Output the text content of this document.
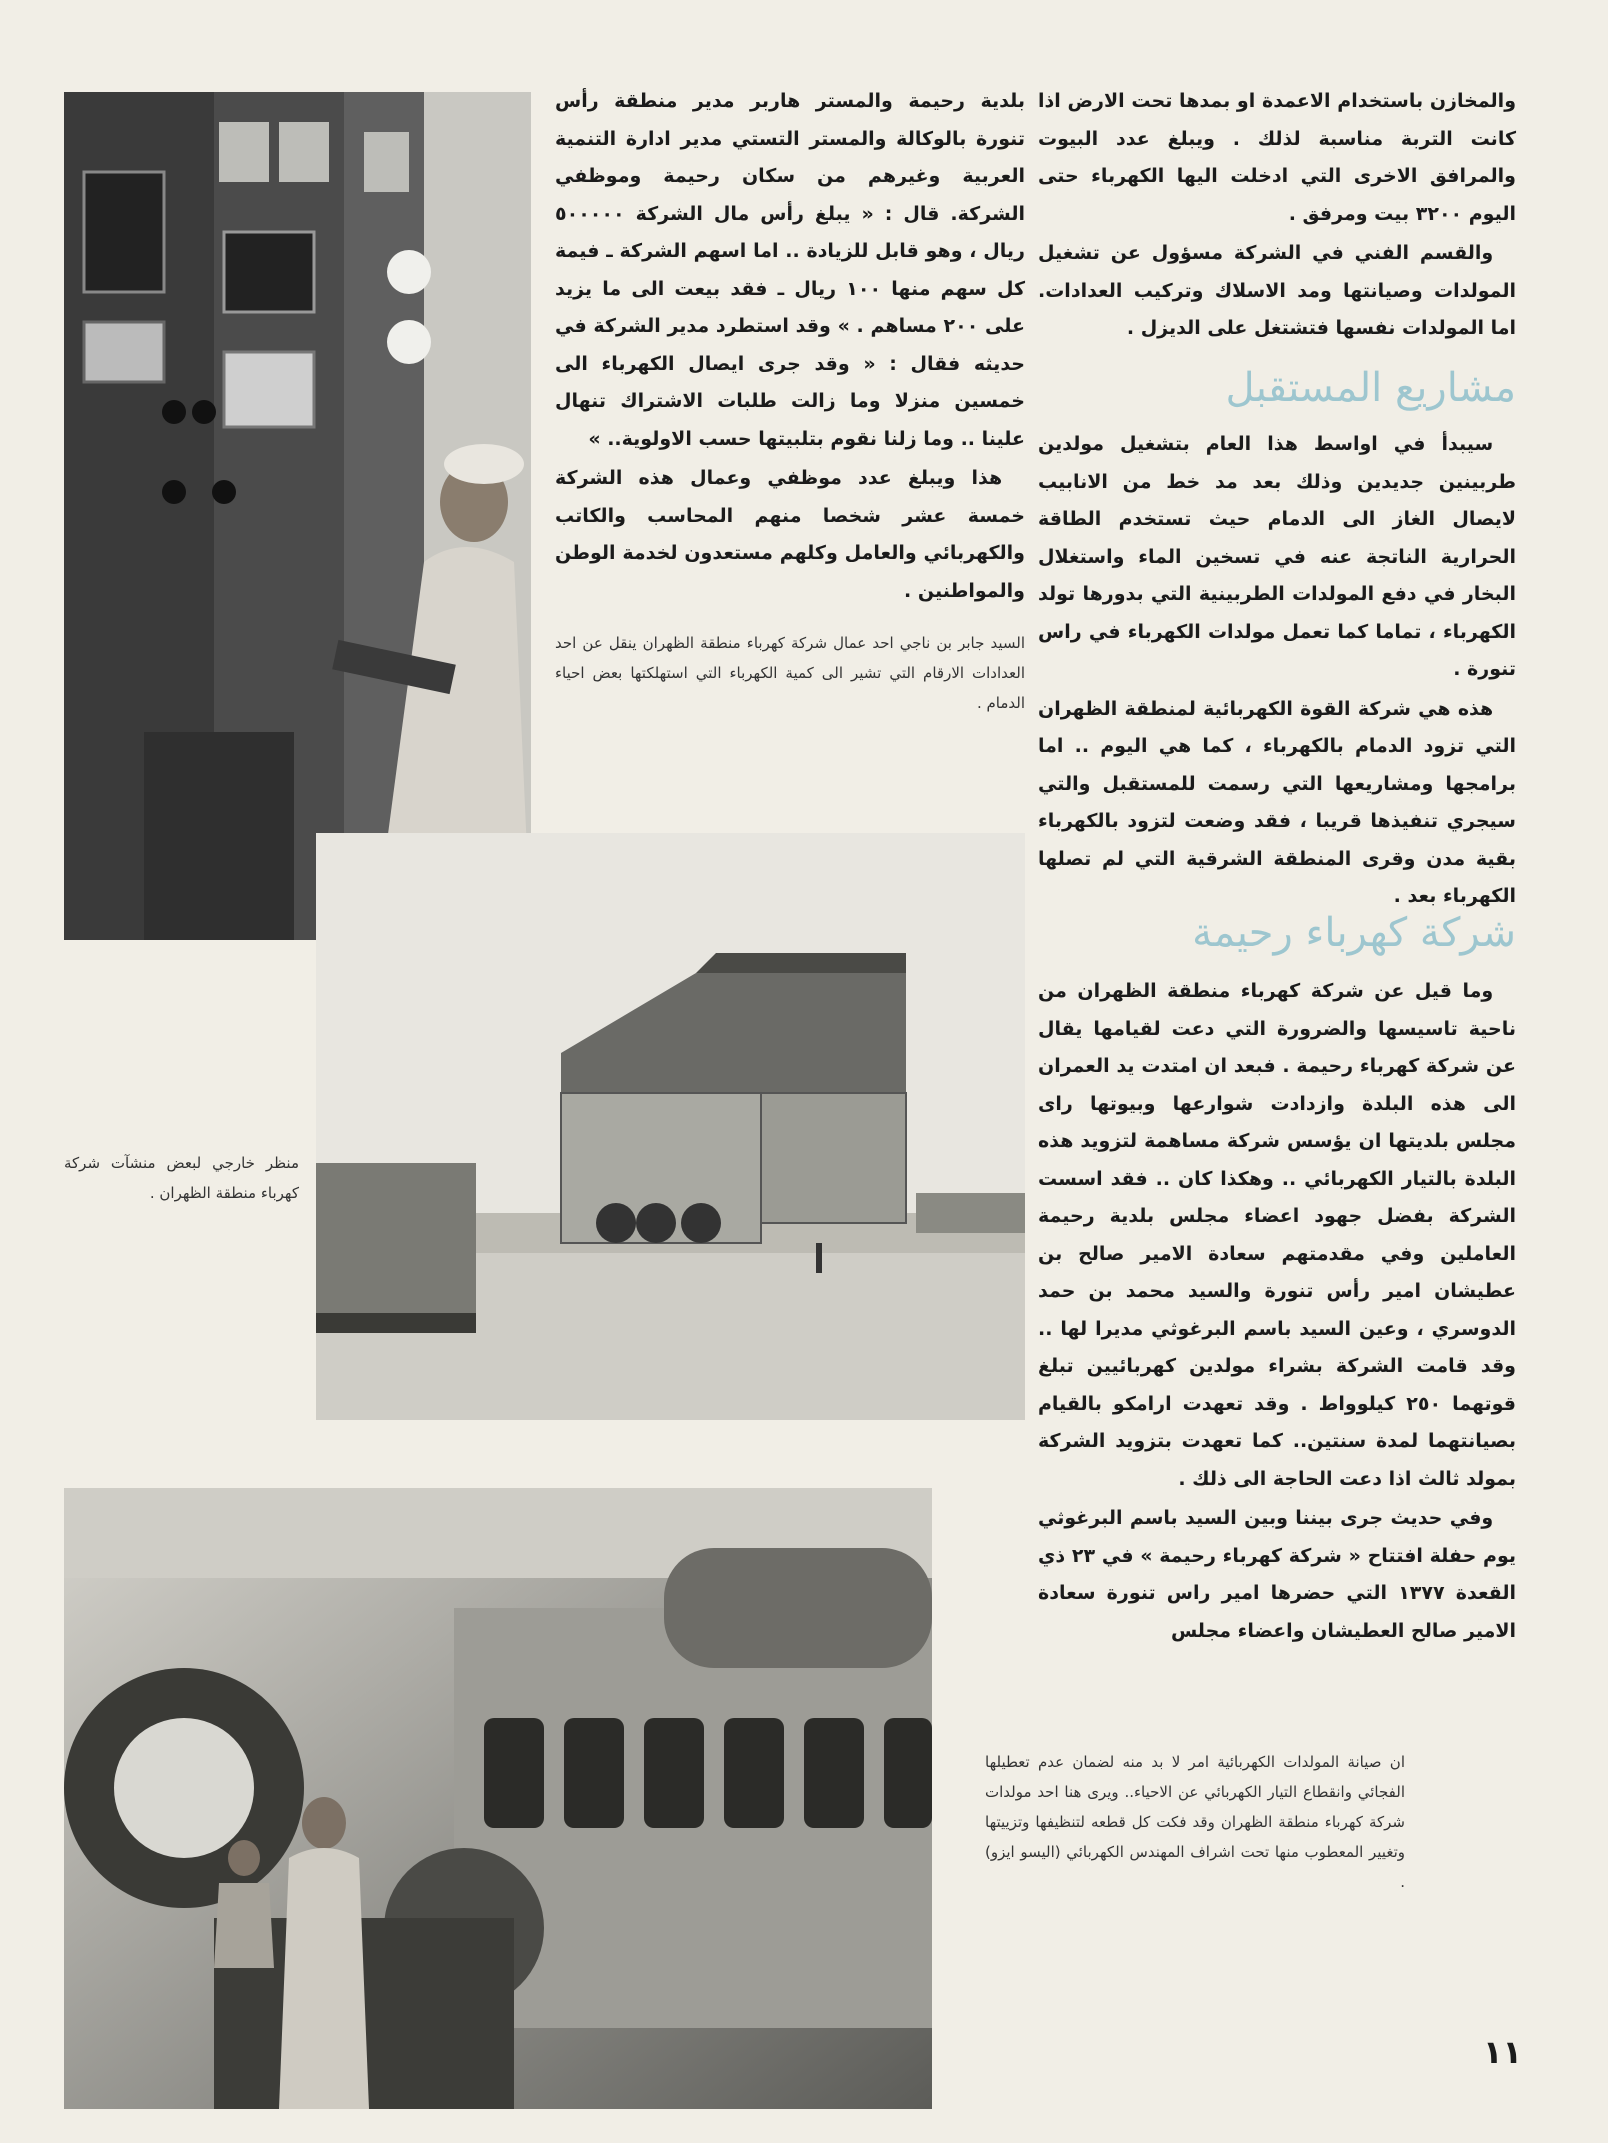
والمخازن باستخدام الاعمدة او بمدها تحت الارض اذا كانت التربة مناسبة لذلك . ويبلغ عدد البيوت والمرافق الاخرى التي ادخلت اليها الكهرباء حتى اليوم ٣٢٠٠ بيت ومرفق .

والقسم الفني في الشركة مسؤول عن تشغيل المولدات وصيانتها ومد الاسلاك وتركيب العدادات. اما المولدات نفسها فتشتغل على الديزل .

مشاريع المستقبل

سيبدأ في اواسط هذا العام بتشغيل مولدين طربينين جديدين وذلك بعد مد خط من الانابيب لايصال الغاز الى الدمام حيث تستخدم الطاقة الحرارية الناتجة عنه في تسخين الماء واستغلال البخار في دفع المولدات الطربينية التي بدورها تولد الكهرباء ، تماما كما تعمل مولدات الكهرباء في راس تنورة .

هذه هي شركة القوة الكهربائية لمنطقة الظهران التي تزود الدمام بالكهرباء ، كما هي اليوم .. اما برامجها ومشاريعها التي رسمت للمستقبل والتي سيجري تنفيذها قريبا ، فقد وضعت لتزود بالكهرباء بقية مدن وقرى المنطقة الشرقية التي لم تصلها الكهرباء بعد .

شركة كهرباء رحيمة

وما قيل عن شركة كهرباء منطقة الظهران من ناحية تاسيسها والضرورة التي دعت لقيامها يقال عن شركة كهرباء رحيمة . فبعد ان امتدت يد العمران الى هذه البلدة وازدادت شوارعها وبيوتها راى مجلس بلديتها ان يؤسس شركة مساهمة لتزويد هذه البلدة بالتيار الكهربائي .. وهكذا كان .. فقد اسست الشركة بفضل جهود اعضاء مجلس بلدية رحيمة العاملين وفي مقدمتهم سعادة الامير صالح بن عطيشان امير رأس تنورة والسيد محمد بن حمد الدوسري ، وعين السيد باسم البرغوثي مديرا لها .. وقد قامت الشركة بشراء مولدين كهربائيين تبلغ قوتهما ٢٥٠ كيلوواط . وقد تعهدت ارامكو بالقيام بصيانتهما لمدة سنتين.. كما تعهدت بتزويد الشركة بمولد ثالث اذا دعت الحاجة الى ذلك .

وفي حديث جرى بيننا وبين السيد باسم البرغوثي يوم حفلة افتتاح « شركة كهرباء رحيمة » في ٢٣ ذي القعدة ١٣٧٧ التي حضرها امير راس تنورة سعادة الامير صالح العطيشان واعضاء مجلس

بلدية رحيمة والمستر هاربر مدير منطقة رأس تنورة بالوكالة والمستر التستي مدير ادارة التنمية العربية وغيرهم من سكان رحيمة وموظفي الشركة. قال : « يبلغ رأس مال الشركة ٥٠٠٠٠٠ ريال ، وهو قابل للزيادة .. اما اسهم الشركة ـ فيمة كل سهم منها ١٠٠ ريال ـ فقد بيعت الى ما يزيد على ٢٠٠ مساهم . » وقد استطرد مدير الشركة في حديثه فقال : « وقد جرى ايصال الكهرباء الى خمسين منزلا وما زالت طلبات الاشتراك تنهال علينا .. وما زلنا نقوم بتلبيتها حسب الاولوية.. »

هذا ويبلغ عدد موظفي وعمال هذه الشركة خمسة عشر شخصا منهم المحاسب والكاتب والكهربائي والعامل وكلهم مستعدون لخدمة الوطن والمواطنين .

السيد جابر بن ناجي احد عمال شركة كهرباء منطقة الظهران ينقل عن احد العدادات الارقام التي تشير الى كمية الكهرباء التي استهلكتها بعض احياء الدمام .
منظر خارجي لبعض منشآت شركة كهرباء منطقة الظهران .
ان صيانة المولدات الكهربائية امر لا بد منه لضمان عدم تعطيلها الفجائي وانقطاع التيار الكهربائي عن الاحياء.. ويرى هنا احد مولدات شركة كهرباء منطقة الظهران وقد فكت كل قطعه لتنظيفها وتزييتها وتغيير المعطوب منها تحت اشراف المهندس الكهربائي (اليسو ايزو) .
١١
